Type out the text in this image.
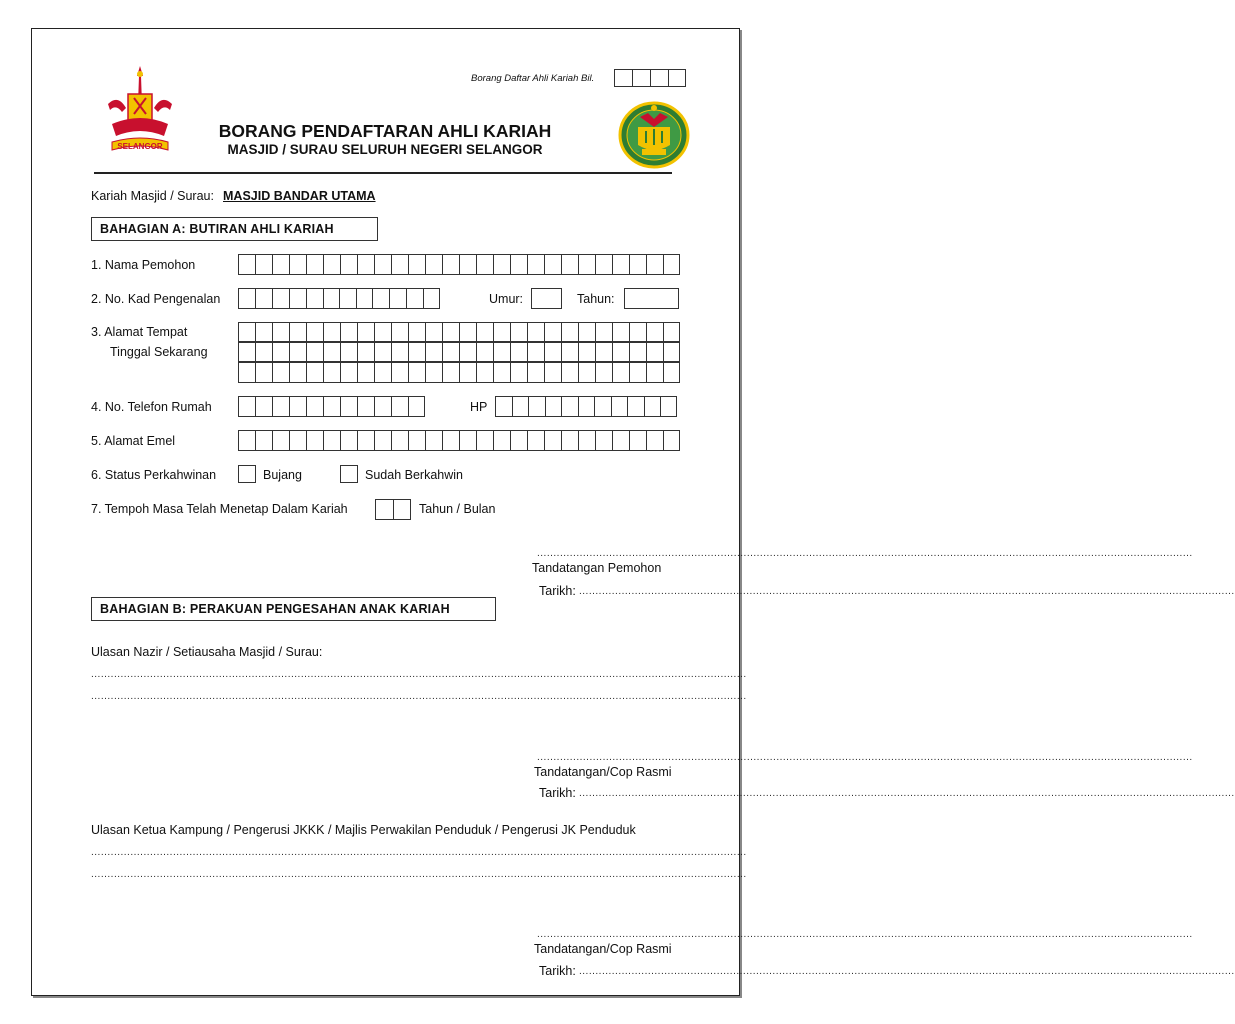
SELANGOR
Borang Daftar Ahli Kariah Bil.
BORANG PENDAFTARAN AHLI KARIAH
MASJID / SURAU SELURUH NEGERI SELANGOR
Kariah Masjid / Surau: MASJID BANDAR UTAMA
BAHAGIAN A: BUTIRAN AHLI KARIAH
1. Nama Pemohon
2. No. Kad Pengenalan	Umur:	Tahun:
3. Alamat Tempat
Tinggal Sekarang
4. No. Telefon Rumah	HP
5. Alamat Emel
6. Status Perkahwinan	Bujang	Sudah Berkahwin
7. Tempoh Masa Telah Menetap Dalam Kariah	Tahun / Bulan
........................................................................................................................................................................................................
Tandatangan Pemohon
Tarikh: ........................................................................................................................................................................................................
BAHAGIAN B: PERAKUAN PENGESAHAN ANAK KARIAH
Ulasan Nazir / Setiausaha Masjid / Surau:
........................................................................................................................................................................................................
........................................................................................................................................................................................................
........................................................................................................................................................................................................
Tandatangan/Cop Rasmi
Tarikh: ........................................................................................................................................................................................................
Ulasan Ketua Kampung / Pengerusi JKKK / Majlis Perwakilan Penduduk / Pengerusi JK Penduduk
........................................................................................................................................................................................................
........................................................................................................................................................................................................
........................................................................................................................................................................................................
Tandatangan/Cop Rasmi
Tarikh: ........................................................................................................................................................................................................
